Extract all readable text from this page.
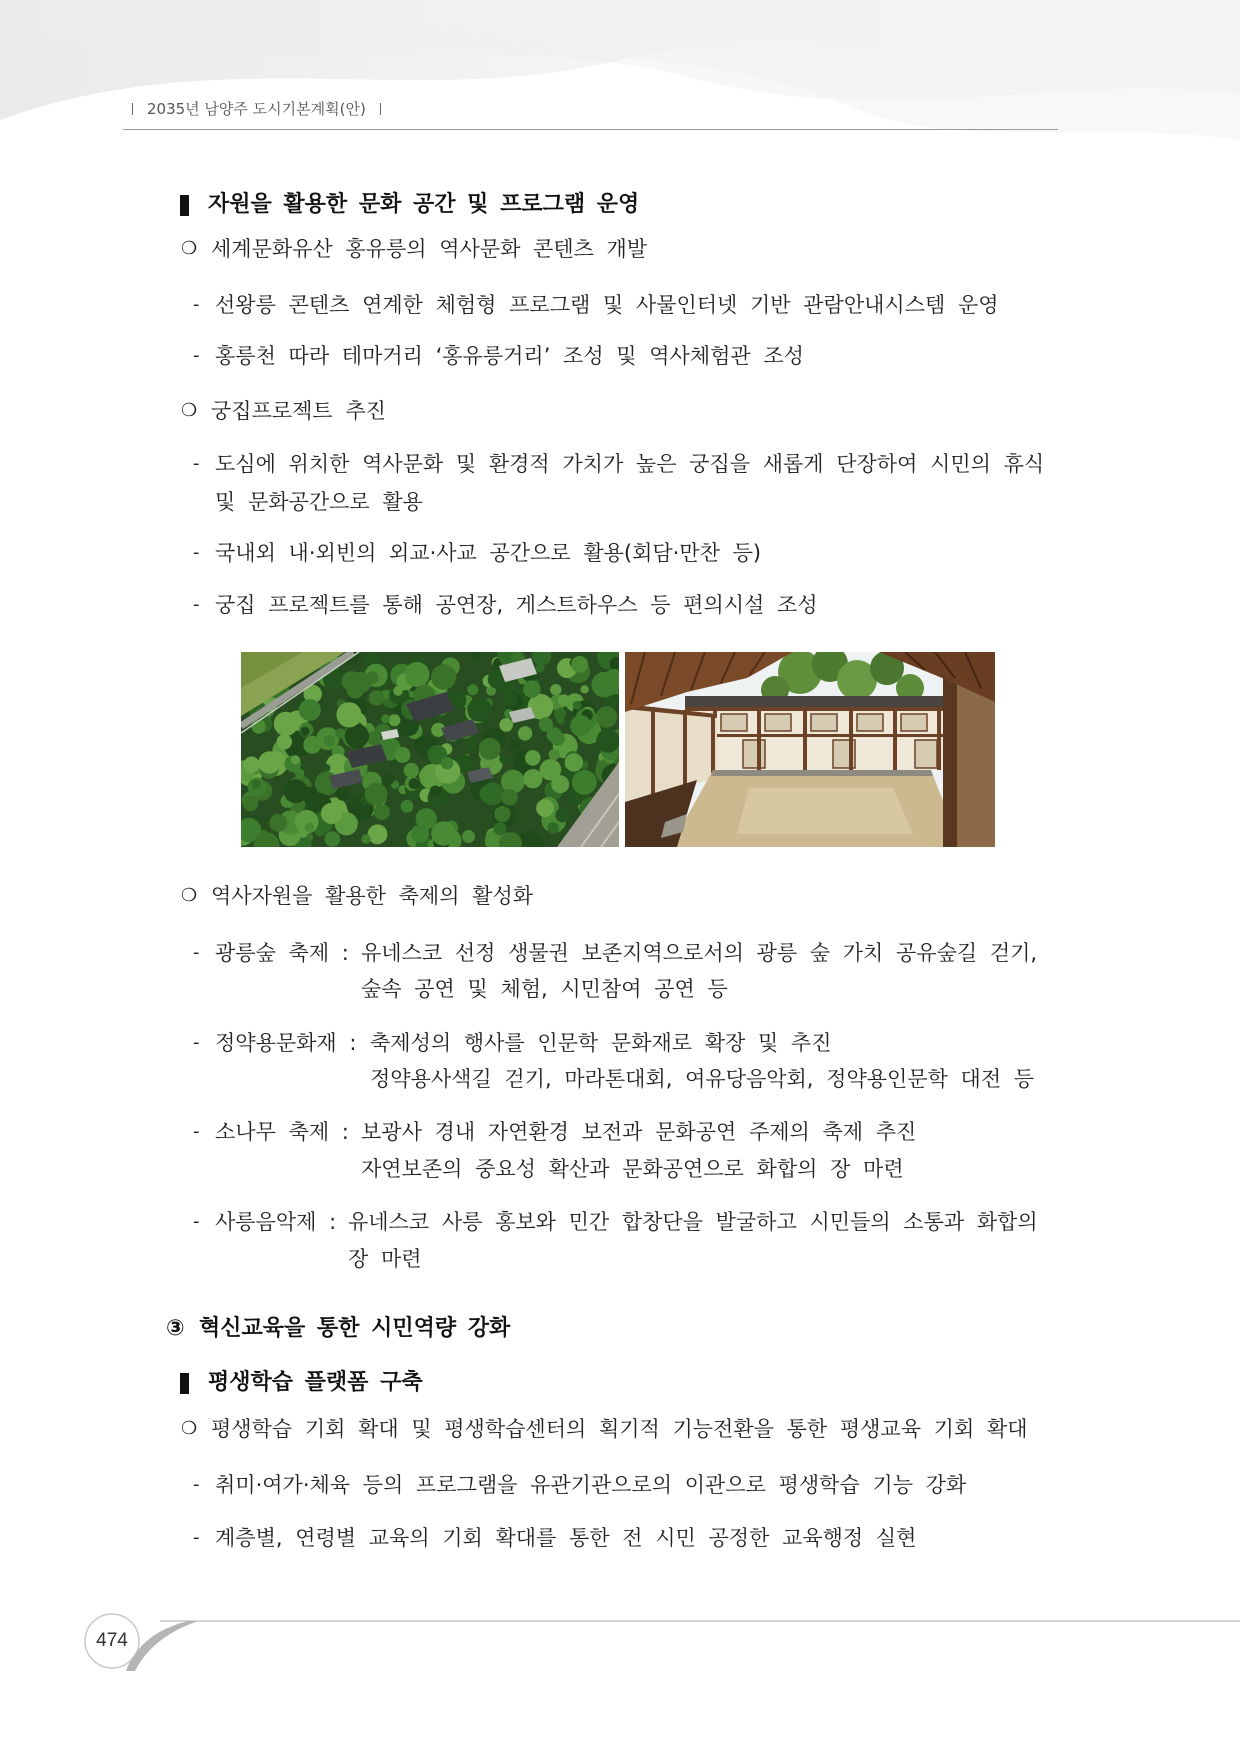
2035년 남양주 도시기본계획(안)
자원을 활용한 문화 공간 및 프로그램 운영
❍ 세계문화유산 홍유릉의 역사문화 콘텐츠 개발
- 선왕릉 콘텐츠 연계한 체험형 프로그램 및 사물인터넷 기반 관람안내시스템 운영
- 홍릉천 따라 테마거리 ‘홍유릉거리’ 조성 및 역사체험관 조성
❍ 궁집프로젝트 추진
- 도심에 위치한 역사문화 및 환경적 가치가 높은 궁집을 새롭게 단장하여 시민의 휴식
및 문화공간으로 활용
- 국내외 내·외빈의 외교·사교 공간으로 활용(회담·만찬 등)
- 궁집 프로젝트를 통해 공연장, 게스트하우스 등 편의시설 조성
❍ 역사자원을 활용한 축제의 활성화
- 광릉숲 축제 : 유네스코 선정 생물권 보존지역으로서의 광릉 숲 가치 공유숲길 걷기,
숲속 공연 및 체험, 시민참여 공연 등
- 정약용문화재 : 축제성의 행사를 인문학 문화재로 확장 및 추진
정약용사색길 걷기, 마라톤대회, 여유당음악회, 정약용인문학 대전 등
- 소나무 축제 : 보광사 경내 자연환경 보전과 문화공연 주제의 축제 추진
자연보존의 중요성 확산과 문화공연으로 화합의 장 마련
- 사릉음악제 : 유네스코 사릉 홍보와 민간 합창단을 발굴하고 시민들의 소통과 화합의
장 마련
③ 혁신교육을 통한 시민역량 강화
평생학습 플랫폼 구축
❍ 평생학습 기회 확대 및 평생학습센터의 획기적 기능전환을 통한 평생교육 기회 확대
- 취미·여가·체육 등의 프로그램을 유관기관으로의 이관으로 평생학습 기능 강화
- 계층별, 연령별 교육의 기회 확대를 통한 전 시민 공정한 교육행정 실현
474
